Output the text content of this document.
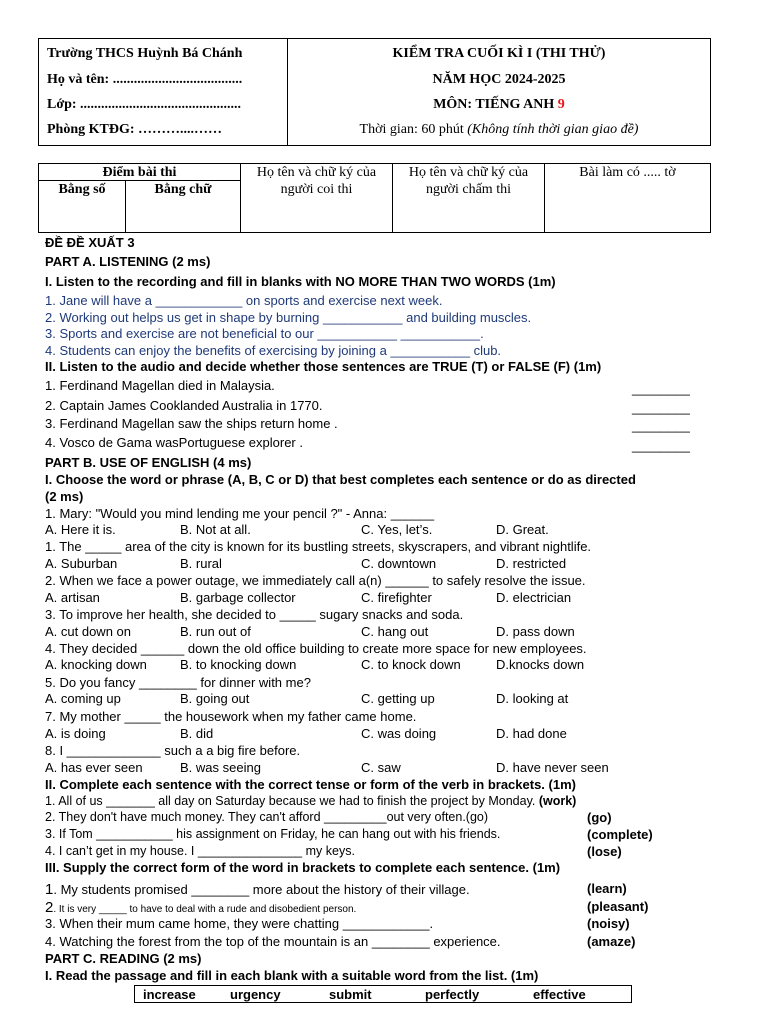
Trường THCS Huỳnh Bá Chánh
Họ và tên: .....................................
Lớp: ..............................................
Phòng KTĐG: ………....……
KIỂM TRA CUỐI KÌ I (THI THỬ)
NĂM HỌC 2024-2025
MÔN: TIẾNG ANH 9
Thời gian: 60 phút (Không tính thời gian giao đề)
Điểm bài thi
Bằng số	Bằng chữ
Họ tên và chữ ký của người coi thi
Họ tên và chữ ký của người chấm thi
Bài làm có ..... tờ
ĐỀ ĐỀ XUẤT 3
PART A. LISTENING (2 ms)
I. Listen to the recording and fill in blanks with NO MORE THAN TWO WORDS (1m)
1. Jane will have a ____________ on sports and exercise next week.
2. Working out helps us get in shape by burning ___________ and building muscles.
3. Sports and exercise are not beneficial to our ___________ ___________.
4. Students can enjoy the benefits of exercising by joining a ___________ club.
II. Listen to the audio and decide whether those sentences are TRUE (T) or FALSE (F) (1m)
1. Ferdinand Magellan died in Malaysia.	________
2. Captain James Cooklanded Australia in 1770.	________
3. Ferdinand Magellan saw the ships return home .	________
4. Vosco de Gama wasPortuguese explorer .	________
PART B. USE OF ENGLISH (4 ms)
I. Choose the word or phrase (A, B, C or D) that best completes each sentence or do as directed
(2 ms)
1. Mary: "Would you mind lending me your pencil ?" - Anna: ______
A. Here it is.	B. Not at all.	C. Yes, let’s.	D. Great.
1. The _____ area of the city is known for its bustling streets, skyscrapers, and vibrant nightlife.
A. Suburban	B. rural	C. downtown	D. restricted
2. When we face a power outage, we immediately call a(n) ______ to safely resolve the issue.
A. artisan	B. garbage collector	C. firefighter	D. electrician
3. To improve her health, she decided to _____ sugary snacks and soda.
A. cut down on	B. run out of	C. hang out	D. pass down
4. They decided ______ down the old office building to create more space for new employees.
A. knocking down	B. to knocking down	C. to knock down	D.knocks down
5. Do you fancy ________ for dinner with me?
A. coming up	B. going out	C. getting up	D. looking at
7. My mother _____ the housework when my father came home.
A. is doing	B. did	C. was doing	D. had done
8. I _____________ such a a big fire before.
A. has ever seen	B. was seeing	C. saw	D. have never seen
II. Complete each sentence with the correct tense or form of the verb in brackets. (1m)
1. All of us _______ all day on Saturday because we had to finish the project by Monday. (work)
2. They don't have much money. They can't afford _________out very often.(go)	(go)
3. If Tom ___________ his assignment on Friday, he can hang out with his friends.	(complete)
4. I can’t get in my house. I _______________ my keys.	(lose)
III. Supply the correct form of the word in brackets to complete each sentence. (1m)
1. My students promised ________ more about the history of their village.	(learn)
2. It is very _____ to have to deal with a rude and disobedient person.	(pleasant)
3. When their mum came home, they were chatting ____________.	(noisy)
4. Watching the forest from the top of the mountain is an ________ experience.	(amaze)
PART C. READING (2 ms)
I. Read the passage and fill in each blank with a suitable word from the list. (1m)
increase	urgency	submit	perfectly	effective
